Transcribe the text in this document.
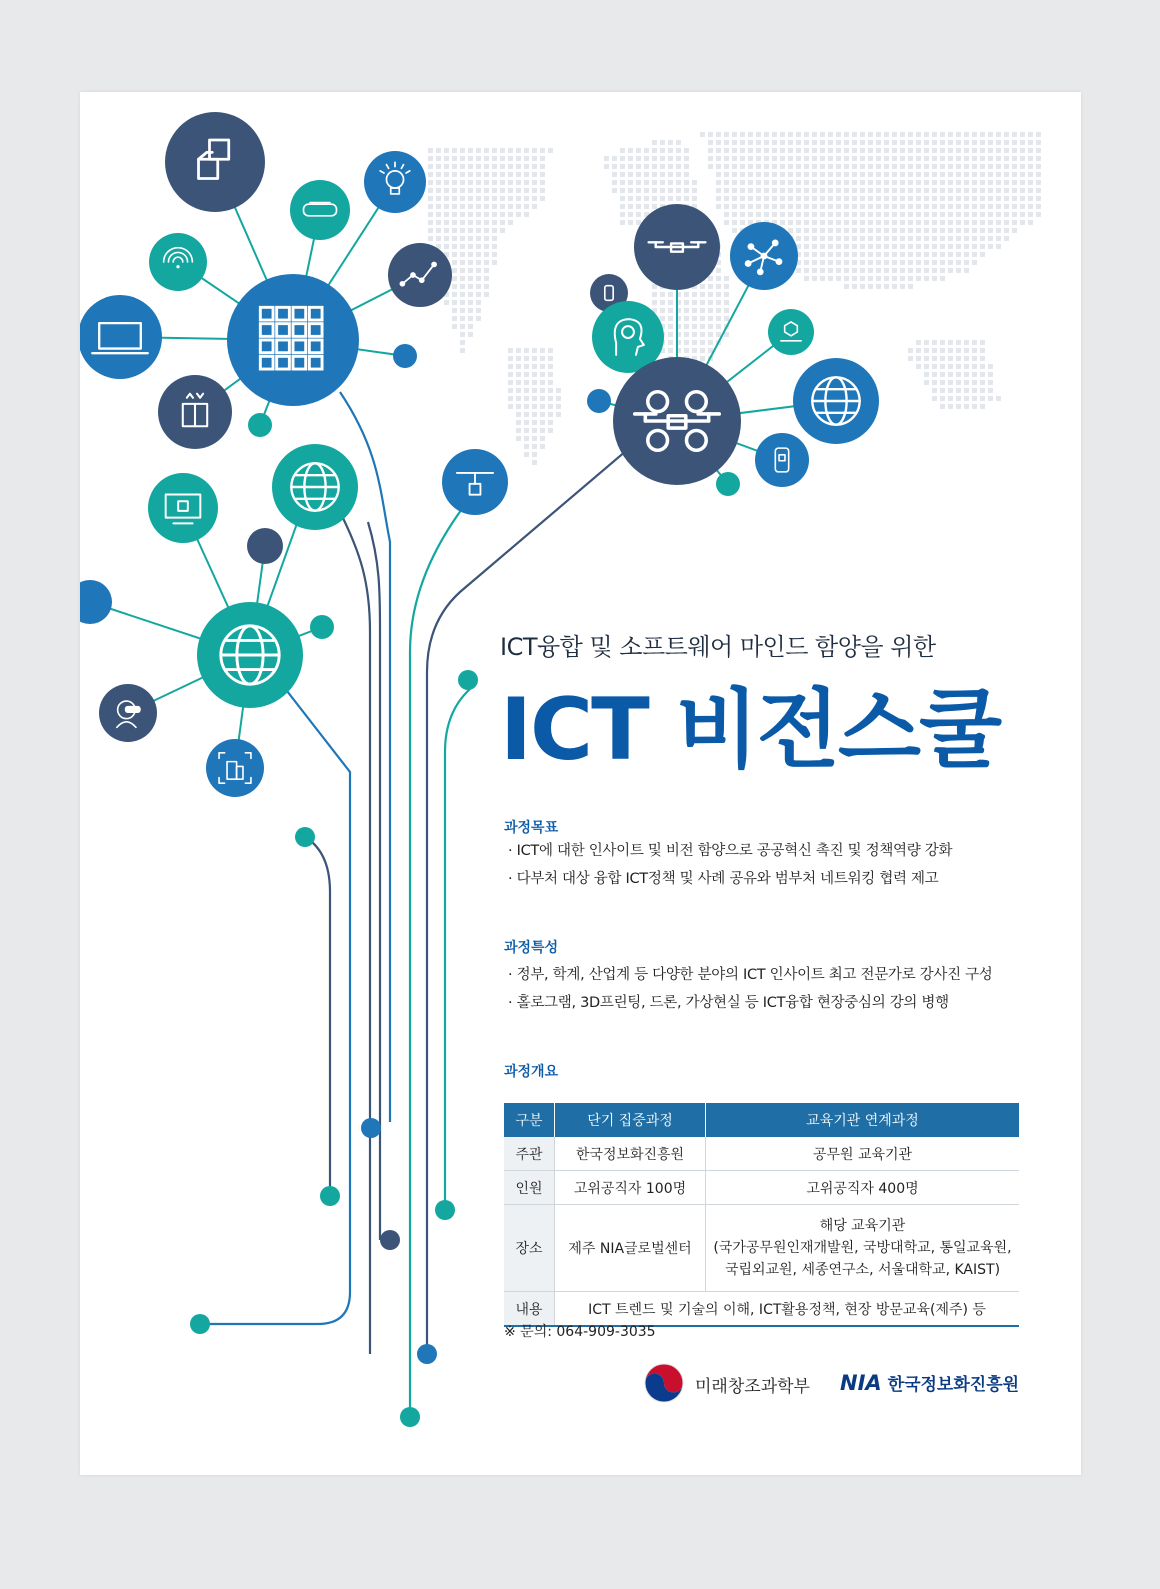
ICT융합 및 소프트웨어 마인드 함양을 위한
ICT 비전스쿨
과정목표
· ICT에 대한 인사이트 및 비전 함양으로 공공혁신 촉진 및 정책역량 강화
· 다부처 대상 융합 ICT정책 및 사례 공유와 범부처 네트워킹 협력 제고
과정특성
· 정부, 학계, 산업계 등 다양한 분야의 ICT 인사이트 최고 전문가로 강사진 구성
· 홀로그램, 3D프린팅, 드론, 가상현실 등 ICT융합 현장중심의 강의 병행
과정개요
구분	단기 집중과정	교육기관 연계과정
주관	한국정보화진흥원	공무원 교육기관
인원	고위공직자 100명	고위공직자 400명
장소	제주 NIA글로벌센터	해당 교육기관
(국가공무원인재개발원, 국방대학교, 통일교육원,
국립외교원, 세종연구소, 서울대학교, KAIST)

내용	ICT 트렌드 및 기술의 이해, ICT활용정책, 현장 방문교육(제주) 등	
※ 문의: 064-909-3035
미래창조과학부 NIA 한국정보화진흥원
